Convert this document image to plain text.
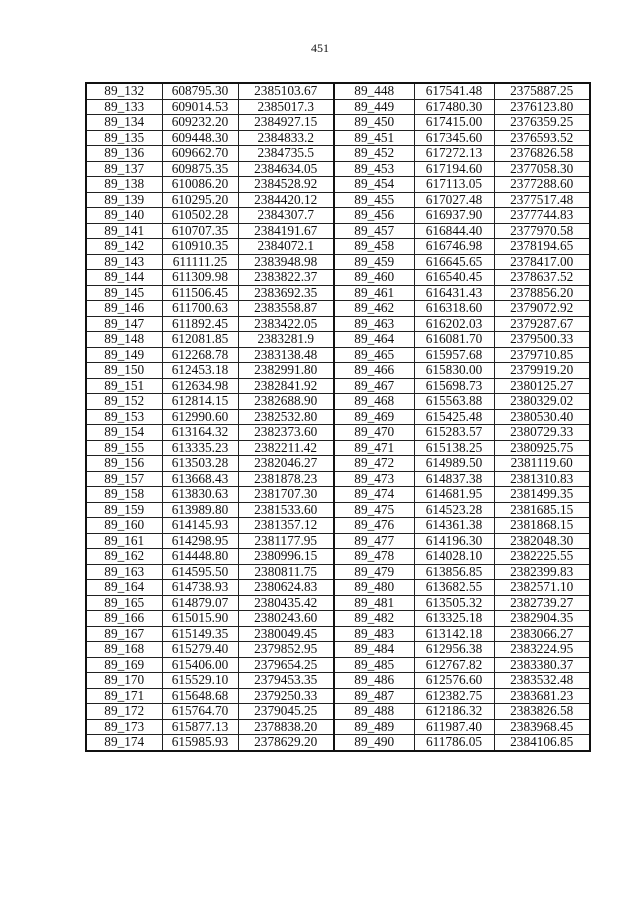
451
89_132	608795.30	2385103.67	89_448	617541.48	2375887.25
89_133	609014.53	2385017.3	89_449	617480.30	2376123.80
89_134	609232.20	2384927.15	89_450	617415.00	2376359.25
89_135	609448.30	2384833.2	89_451	617345.60	2376593.52
89_136	609662.70	2384735.5	89_452	617272.13	2376826.58
89_137	609875.35	2384634.05	89_453	617194.60	2377058.30
89_138	610086.20	2384528.92	89_454	617113.05	2377288.60
89_139	610295.20	2384420.12	89_455	617027.48	2377517.48
89_140	610502.28	2384307.7	89_456	616937.90	2377744.83
89_141	610707.35	2384191.67	89_457	616844.40	2377970.58
89_142	610910.35	2384072.1	89_458	616746.98	2378194.65
89_143	611111.25	2383948.98	89_459	616645.65	2378417.00
89_144	611309.98	2383822.37	89_460	616540.45	2378637.52
89_145	611506.45	2383692.35	89_461	616431.43	2378856.20
89_146	611700.63	2383558.87	89_462	616318.60	2379072.92
89_147	611892.45	2383422.05	89_463	616202.03	2379287.67
89_148	612081.85	2383281.9	89_464	616081.70	2379500.33
89_149	612268.78	2383138.48	89_465	615957.68	2379710.85
89_150	612453.18	2382991.80	89_466	615830.00	2379919.20
89_151	612634.98	2382841.92	89_467	615698.73	2380125.27
89_152	612814.15	2382688.90	89_468	615563.88	2380329.02
89_153	612990.60	2382532.80	89_469	615425.48	2380530.40
89_154	613164.32	2382373.60	89_470	615283.57	2380729.33
89_155	613335.23	2382211.42	89_471	615138.25	2380925.75
89_156	613503.28	2382046.27	89_472	614989.50	2381119.60
89_157	613668.43	2381878.23	89_473	614837.38	2381310.83
89_158	613830.63	2381707.30	89_474	614681.95	2381499.35
89_159	613989.80	2381533.60	89_475	614523.28	2381685.15
89_160	614145.93	2381357.12	89_476	614361.38	2381868.15
89_161	614298.95	2381177.95	89_477	614196.30	2382048.30
89_162	614448.80	2380996.15	89_478	614028.10	2382225.55
89_163	614595.50	2380811.75	89_479	613856.85	2382399.83
89_164	614738.93	2380624.83	89_480	613682.55	2382571.10
89_165	614879.07	2380435.42	89_481	613505.32	2382739.27
89_166	615015.90	2380243.60	89_482	613325.18	2382904.35
89_167	615149.35	2380049.45	89_483	613142.18	2383066.27
89_168	615279.40	2379852.95	89_484	612956.38	2383224.95
89_169	615406.00	2379654.25	89_485	612767.82	2383380.37
89_170	615529.10	2379453.35	89_486	612576.60	2383532.48
89_171	615648.68	2379250.33	89_487	612382.75	2383681.23
89_172	615764.70	2379045.25	89_488	612186.32	2383826.58
89_173	615877.13	2378838.20	89_489	611987.40	2383968.45
89_174	615985.93	2378629.20	89_490	611786.05	2384106.85
